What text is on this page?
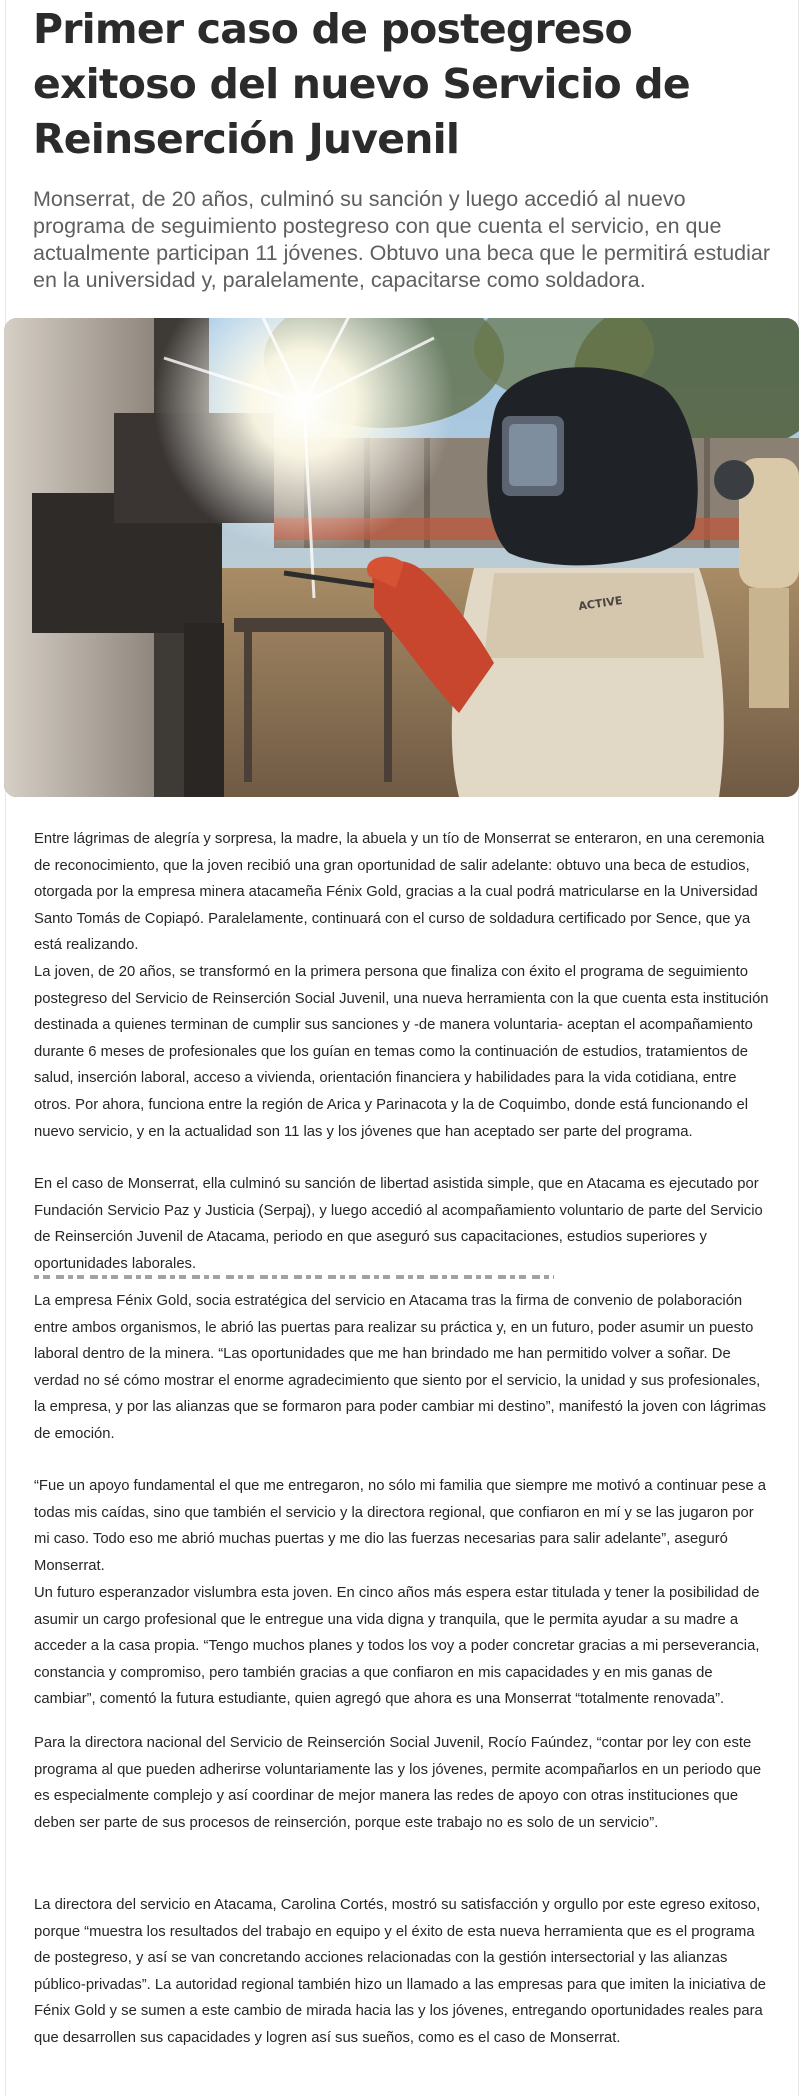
Primer caso de postegreso exitoso del nuevo Servicio de Reinserción Juvenil

Monserrat, de 20 años, culminó su sanción y luego accedió al nuevo programa de seguimiento postegreso con que cuenta el servicio, en que actualmente participan 11 jóvenes. Obtuvo una beca que le permitirá estudiar en la universidad y, paralelamente, capacitarse como soldadora.

ACTIVE

Entre lágrimas de alegría y sorpresa, la madre, la abuela y un tío de Monserrat se enteraron, en una ceremonia de reconocimiento, que la joven recibió una gran oportunidad de salir adelante: obtuvo una beca de estudios, otorgada por la empresa minera atacameña Fénix Gold, gracias a la cual podrá matricularse en la Universidad Santo Tomás de Copiapó. Paralelamente, continuará con el curso de soldadura certificado por Sence, que ya está realizando.

La joven, de 20 años, se transformó en la primera persona que finaliza con éxito el programa de seguimiento postegreso del Servicio de Reinserción Social Juvenil, una nueva herramienta con la que cuenta esta institución destinada a quienes terminan de cumplir sus sanciones y -de manera voluntaria- aceptan el acompañamiento durante 6 meses de profesionales que los guían en temas como la continuación de estudios, tratamientos de salud, inserción laboral, acceso a vivienda, orientación financiera y habilidades para la vida cotidiana, entre otros. Por ahora, funciona entre la región de Arica y Parinacota y la de Coquimbo, donde está funcionando el nuevo servicio, y en la actualidad son 11 las y los jóvenes que han aceptado ser parte del programa.

En el caso de Monserrat, ella culminó su sanción de libertad asistida simple, que en Atacama es ejecutado por Fundación Servicio Paz y Justicia (Serpaj), y luego accedió al acompañamiento voluntario de parte del Servicio de Reinserción Juvenil de Atacama, periodo en que aseguró sus capacitaciones, estudios superiores y oportunidades laborales.

La empresa Fénix Gold, socia estratégica del servicio en Atacama tras la firma de convenio de polaboración entre ambos organismos, le abrió las puertas para realizar su práctica y, en un futuro, poder asumir un puesto laboral dentro de la minera. “Las oportunidades que me han brindado me han permitido volver a soñar. De verdad no sé cómo mostrar el enorme agradecimiento que siento por el servicio, la unidad y sus profesionales, la empresa, y por las alianzas que se formaron para poder cambiar mi destino”, manifestó la joven con lágrimas de emoción.

“Fue un apoyo fundamental el que me entregaron, no sólo mi familia que siempre me motivó a continuar pese a todas mis caídas, sino que también el servicio y la directora regional, que confiaron en mí y se las jugaron por mi caso. Todo eso me abrió muchas puertas y me dio las fuerzas necesarias para salir adelante”, aseguró Monserrat.

Un futuro esperanzador vislumbra esta joven. En cinco años más espera estar titulada y tener la posibilidad de asumir un cargo profesional que le entregue una vida digna y tranquila, que le permita ayudar a su madre a acceder a la casa propia. “Tengo muchos planes y todos los voy a poder concretar gracias a mi perseverancia, constancia y compromiso, pero también gracias a que confiaron en mis capacidades y en mis ganas de cambiar”, comentó la futura estudiante, quien agregó que ahora es una Monserrat “totalmente renovada”.

Para la directora nacional del Servicio de Reinserción Social Juvenil, Rocío Faúndez, “contar por ley con este programa al que pueden adherirse voluntariamente las y los jóvenes, permite acompañarlos en un periodo que es especialmente complejo y así coordinar de mejor manera las redes de apoyo con otras instituciones que deben ser parte de sus procesos de reinserción, porque este trabajo no es solo de un servicio”.

La directora del servicio en Atacama, Carolina Cortés, mostró su satisfacción y orgullo por este egreso exitoso, porque “muestra los resultados del trabajo en equipo y el éxito de esta nueva herramienta que es el programa de postegreso, y así se van concretando acciones relacionadas con la gestión intersectorial y las alianzas público-privadas”. La autoridad regional también hizo un llamado a las empresas para que imiten la iniciativa de Fénix Gold y se sumen a este cambio de mirada hacia las y los jóvenes, entregando oportunidades reales para que desarrollen sus capacidades y logren así sus sueños, como es el caso de Monserrat.
